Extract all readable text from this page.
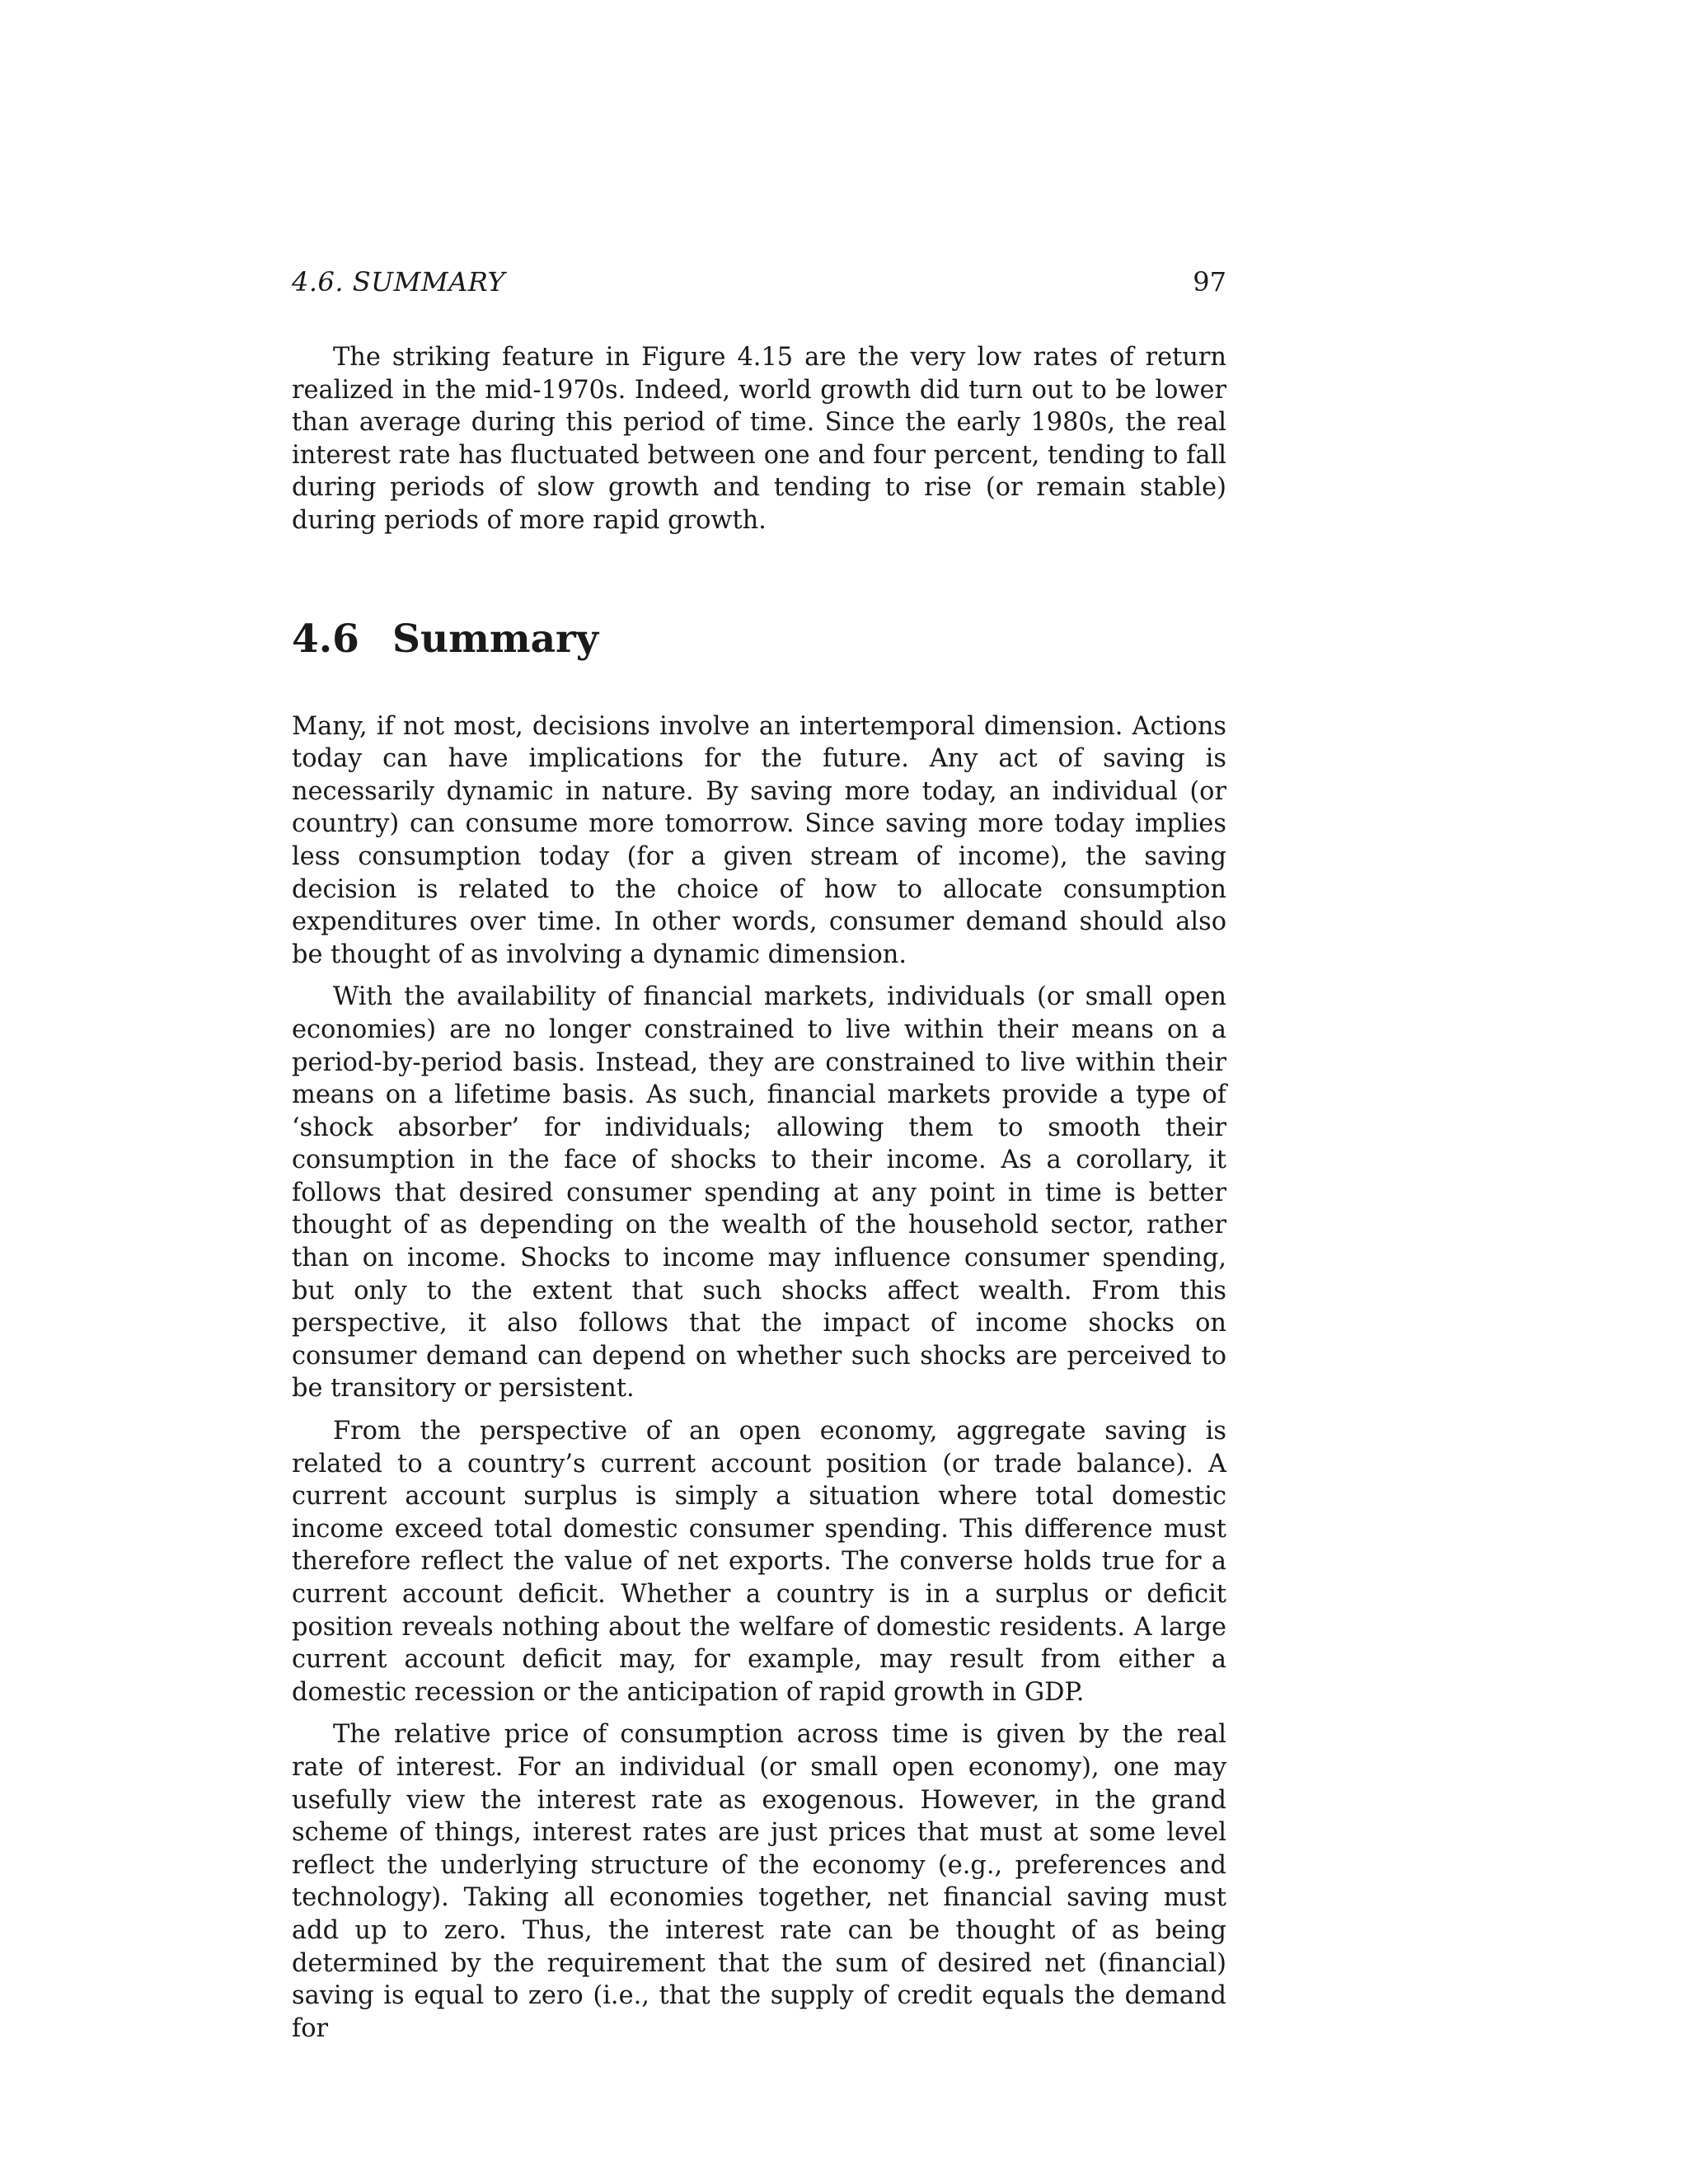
4.6. SUMMARY	97

The striking feature in Figure 4.15 are the very low rates of return realized in the mid-1970s. Indeed, world growth did turn out to be lower than average during this period of time. Since the early 1980s, the real interest rate has fluctuated between one and four percent, tending to fall during periods of slow growth and tending to rise (or remain stable) during periods of more rapid growth.

4.6 Summary

Many, if not most, decisions involve an intertemporal dimension. Actions today can have implications for the future. Any act of saving is necessarily dynamic in nature. By saving more today, an individual (or country) can consume more tomorrow. Since saving more today implies less consumption today (for a given stream of income), the saving decision is related to the choice of how to allocate consumption expenditures over time. In other words, consumer demand should also be thought of as involving a dynamic dimension.

With the availability of financial markets, individuals (or small open economies) are no longer constrained to live within their means on a period-by-period basis. Instead, they are constrained to live within their means on a lifetime basis. As such, financial markets provide a type of ‘shock absorber’ for individuals; allowing them to smooth their consumption in the face of shocks to their income. As a corollary, it follows that desired consumer spending at any point in time is better thought of as depending on the wealth of the household sector, rather than on income. Shocks to income may influence consumer spending, but only to the extent that such shocks affect wealth. From this perspective, it also follows that the impact of income shocks on consumer demand can depend on whether such shocks are perceived to be transitory or persistent.

From the perspective of an open economy, aggregate saving is related to a country’s current account position (or trade balance). A current account surplus is simply a situation where total domestic income exceed total domestic consumer spending. This difference must therefore reflect the value of net exports. The converse holds true for a current account deficit. Whether a country is in a surplus or deficit position reveals nothing about the welfare of domestic residents. A large current account deficit may, for example, may result from either a domestic recession or the anticipation of rapid growth in GDP.

The relative price of consumption across time is given by the real rate of interest. For an individual (or small open economy), one may usefully view the interest rate as exogenous. However, in the grand scheme of things, interest rates are just prices that must at some level reflect the underlying structure of the economy (e.g., preferences and technology). Taking all economies together, net financial saving must add up to zero. Thus, the interest rate can be thought of as being determined by the requirement that the sum of desired net (financial) saving is equal to zero (i.e., that the supply of credit equals the demand for
